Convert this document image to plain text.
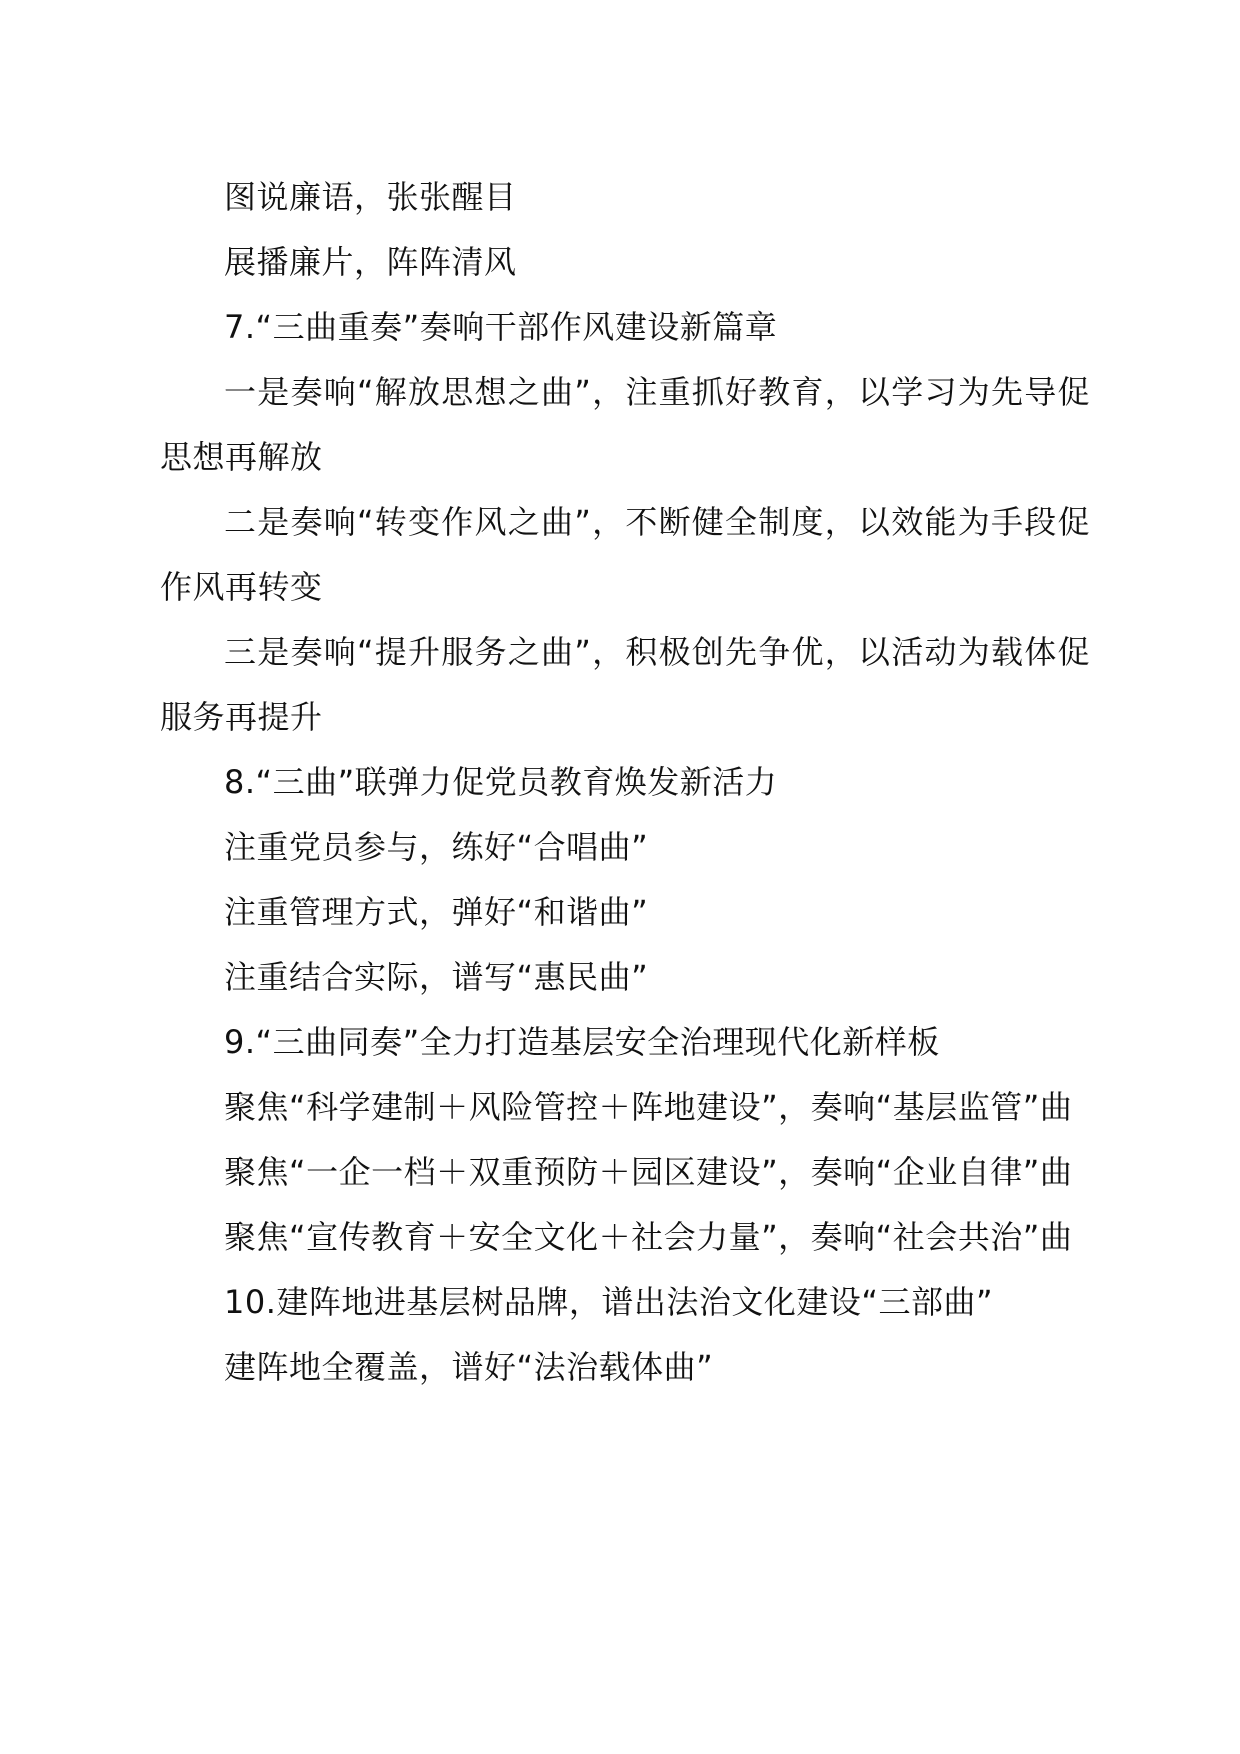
图说廉语，张张醒目

展播廉片，阵阵清风

7.“三曲重奏”奏响干部作风建设新篇章

一是奏响“解放思想之曲”，注重抓好教育，以学习为先导促思想再解放

二是奏响“转变作风之曲”，不断健全制度，以效能为手段促作风再转变

三是奏响“提升服务之曲”，积极创先争优，以活动为载体促服务再提升

8.“三曲”联弹力促党员教育焕发新活力

注重党员参与，练好“合唱曲”

注重管理方式，弹好“和谐曲”

注重结合实际，谱写“惠民曲”

9.“三曲同奏”全力打造基层安全治理现代化新样板

聚焦“科学建制＋风险管控＋阵地建设”，奏响“基层监管”曲

聚焦“一企一档＋双重预防＋园区建设”，奏响“企业自律”曲

聚焦“宣传教育＋安全文化＋社会力量”，奏响“社会共治”曲

10.建阵地进基层树品牌，谱出法治文化建设“三部曲”

建阵地全覆盖，谱好“法治载体曲”
